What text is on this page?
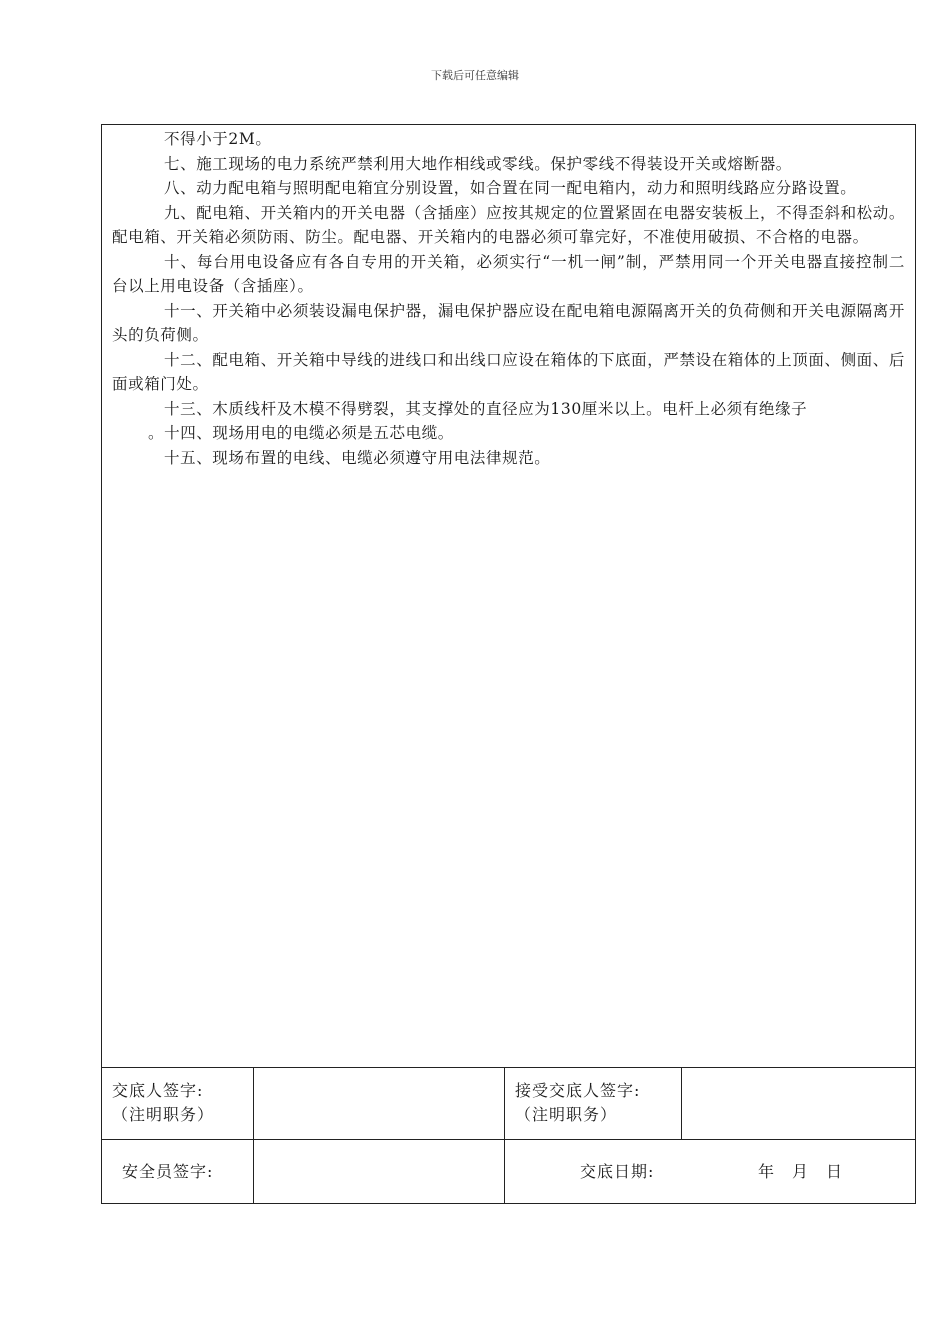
下载后可任意编辑

不得小于2M。

七、施工现场的电力系统严禁利用大地作相线或零线。保护零线不得装设开关或熔断器。

八、动力配电箱与照明配电箱宜分别设置，如合置在同一配电箱内，动力和照明线路应分路设置。

九、配电箱、开关箱内的开关电器（含插座）应按其规定的位置紧固在电器安装板上，不得歪斜和松动。配电箱、开关箱必须防雨、防尘。配电器、开关箱内的电器必须可靠完好，不准使用破损、不合格的电器。

十、每台用电设备应有各自专用的开关箱，必须实行“一机一闸”制，严禁用同一个开关电器直接控制二台以上用电设备（含插座）。

十一、开关箱中必须装设漏电保护器，漏电保护器应设在配电箱电源隔离开关的负荷侧和开关电源隔离开头的负荷侧。

十二、配电箱、开关箱中导线的进线口和出线口应设在箱体的下底面，严禁设在箱体的上顶面、侧面、后面或箱门处。

十三、木质线杆及木模不得劈裂，其支撑处的直径应为130厘米以上。电杆上必须有绝缘子

。十四、现场用电的电缆必须是五芯电缆。

十五、现场布置的电线、电缆必须遵守用电法律规范。

交底人签字:
（注明职务）
接受交底人签字:
（注明职务）
安全员签字:	交底日期:	年 月 日
